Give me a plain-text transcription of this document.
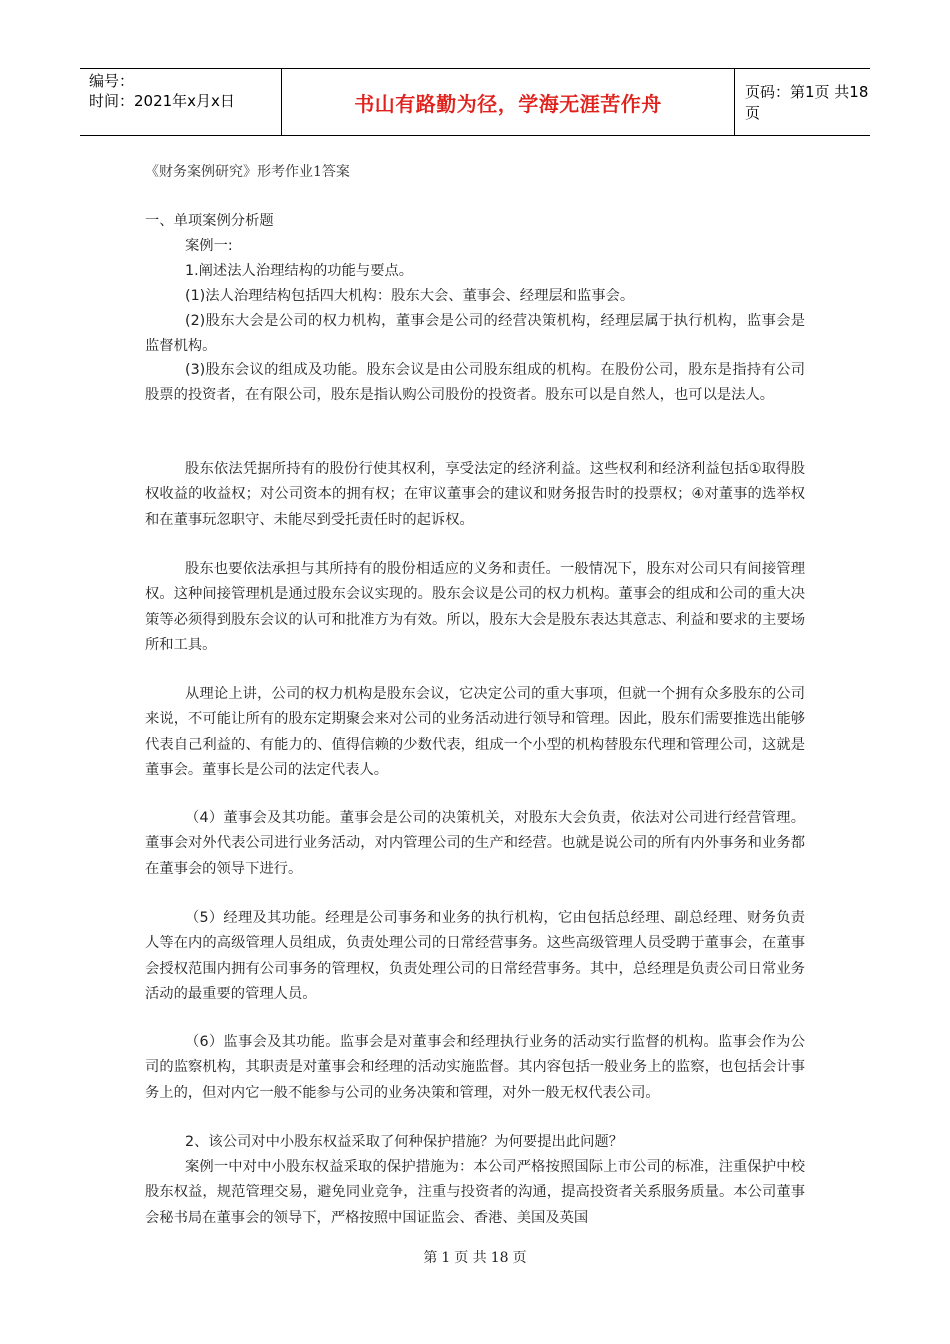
编号：
时间：2021年x月x日	书山有路勤为径，学海无涯苦作舟	页码：第1页 共18页
《财务案例研究》形考作业1答案

一、单项案例分析题

案例一:

1.阐述法人治理结构的功能与要点。

(1)法人治理结构包括四大机构：股东大会、董事会、经理层和监事会。

(2)股东大会是公司的权力机构，董事会是公司的经营决策机构，经理层属于执行机构，监事会是监督机构。

(3)股东会议的组成及功能。股东会议是由公司股东组成的机构。在股份公司，股东是指持有公司股票的投资者，在有限公司，股东是指认购公司股份的投资者。股东可以是自然人，也可以是法人。

股东依法凭据所持有的股份行使其权利，享受法定的经济利益。这些权利和经济利益包括①取得股权收益的收益权；对公司资本的拥有权；在审议董事会的建议和财务报告时的投票权；④对董事的选举权和在董事玩忽职守、未能尽到受托责任时的起诉权。

股东也要依法承担与其所持有的股份相适应的义务和责任。一般情况下，股东对公司只有间接管理权。这种间接管理机是通过股东会议实现的。股东会议是公司的权力机构。董事会的组成和公司的重大决策等必须得到股东会议的认可和批准方为有效。所以，股东大会是股东表达其意志、利益和要求的主要场所和工具。

从理论上讲，公司的权力机构是股东会议，它决定公司的重大事项，但就一个拥有众多股东的公司来说，不可能让所有的股东定期聚会来对公司的业务活动进行领导和管理。因此，股东们需要推选出能够代表自己利益的、有能力的、值得信赖的少数代表，组成一个小型的机构替股东代理和管理公司，这就是董事会。董事长是公司的法定代表人。

（4）董事会及其功能。董事会是公司的决策机关，对股东大会负责，依法对公司进行经营管理。董事会对外代表公司进行业务活动，对内管理公司的生产和经营。也就是说公司的所有内外事务和业务都在董事会的领导下进行。

（5）经理及其功能。经理是公司事务和业务的执行机构，它由包括总经理、副总经理、财务负责人等在内的高级管理人员组成，负责处理公司的日常经营事务。这些高级管理人员受聘于董事会，在董事会授权范围内拥有公司事务的管理权，负责处理公司的日常经营事务。其中，总经理是负责公司日常业务活动的最重要的管理人员。

（6）监事会及其功能。监事会是对董事会和经理执行业务的活动实行监督的机构。监事会作为公司的监察机构，其职责是对董事会和经理的活动实施监督。其内容包括一般业务上的监察，也包括会计事务上的，但对内它一般不能参与公司的业务决策和管理，对外一般无权代表公司。

2、该公司对中小股东权益采取了何种保护措施？为何要提出此问题？

案例一中对中小股东权益采取的保护措施为：本公司严格按照国际上市公司的标准，注重保护中校股东权益，规范管理交易，避免同业竞争，注重与投资者的沟通，提高投资者关系服务质量。本公司董事会秘书局在董事会的领导下，严格按照中国证监会、香港、美国及英国

第 1 页 共 18 页
